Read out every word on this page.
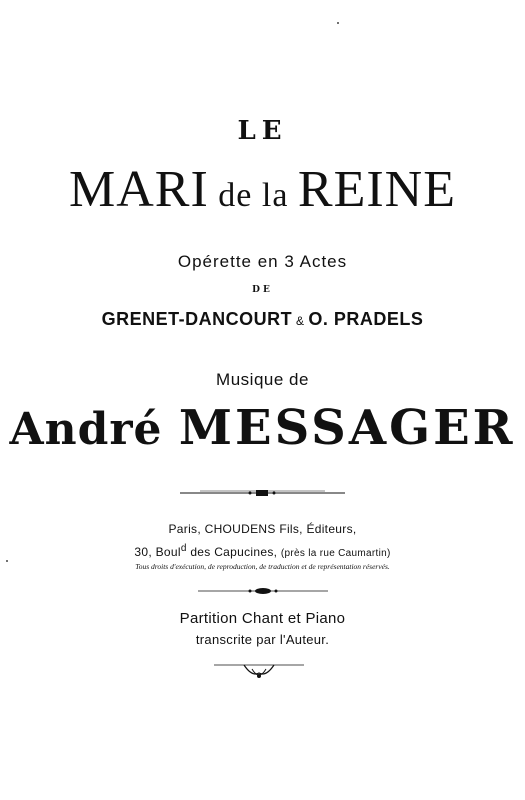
LE
MARI de la REINE
Opérette en 3 Actes
DE
GRENET-DANCOURT & O. PRADELS
Musique de
André MESSAGER
Paris, CHOUDENS Fils, Éditeurs,
30, Boul$^d$ des Capucines, (près la rue Caumartin)
Tous droits d'exécution, de reproduction, de traduction et de représentation réservés.
Partition Chant et Piano
transcrite par l'Auteur.
